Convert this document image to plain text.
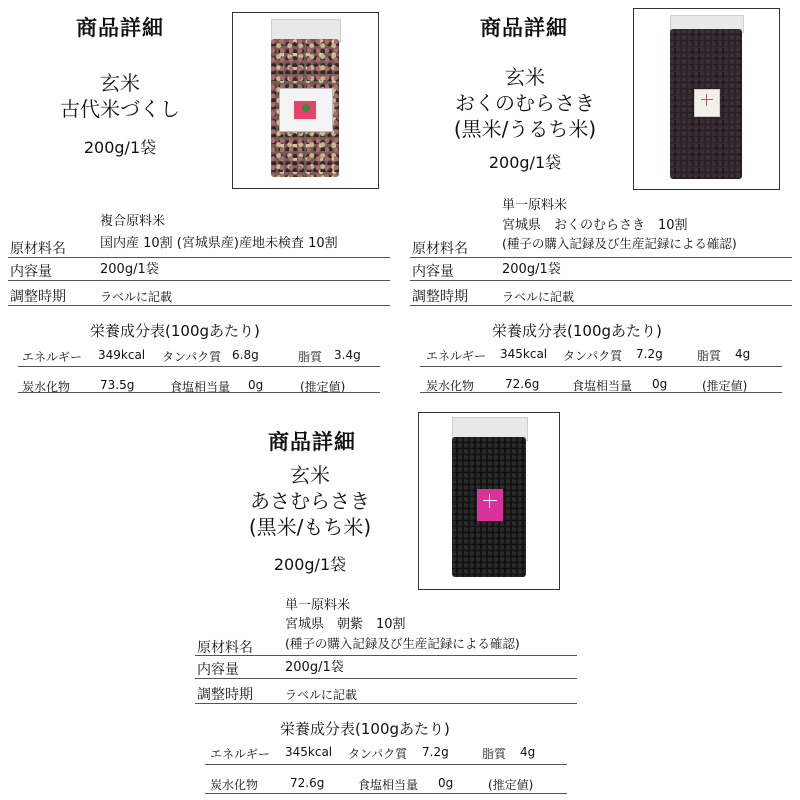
商品詳細
玄米
古代米づくし
200g/1袋
複合原料米
原材料名	国内産 10割 (宮城県産)産地未検査 10割
内容量	200g/1袋
調整時期	ラベルに記載
栄養成分表(100gあたり)
エネルギー 349kcal タンパク質 6.8g	脂質 3.4g
炭水化物 73.5g	食塩相当量 0g	(推定値)
商品詳細
玄米
おくのむらさき
(黒米/うるち米)
200g/1袋
単一原料米
宮城県　おくのむらさき　10割
原材料名	(種子の購入記録及び生産記録による確認)
内容量	200g/1袋
調整時期	ラベルに記載
栄養成分表(100gあたり)
エネルギー 345kcal タンパク質 7.2g	脂質 4g
炭水化物	72.6g	食塩相当量 0g	(推定値)
商品詳細
玄米
あさむらさき
(黒米/もち米)
200g/1袋
単一原料米
宮城県　朝紫　10割
原材料名	(種子の購入記録及び生産記録による確認)
内容量	200g/1袋
調整時期	ラベルに記載
栄養成分表(100gあたり)
エネルギー 345kcal タンパク質 7.2g	脂質 4g
炭水化物	72.6g	食塩相当量 0g	(推定値)
